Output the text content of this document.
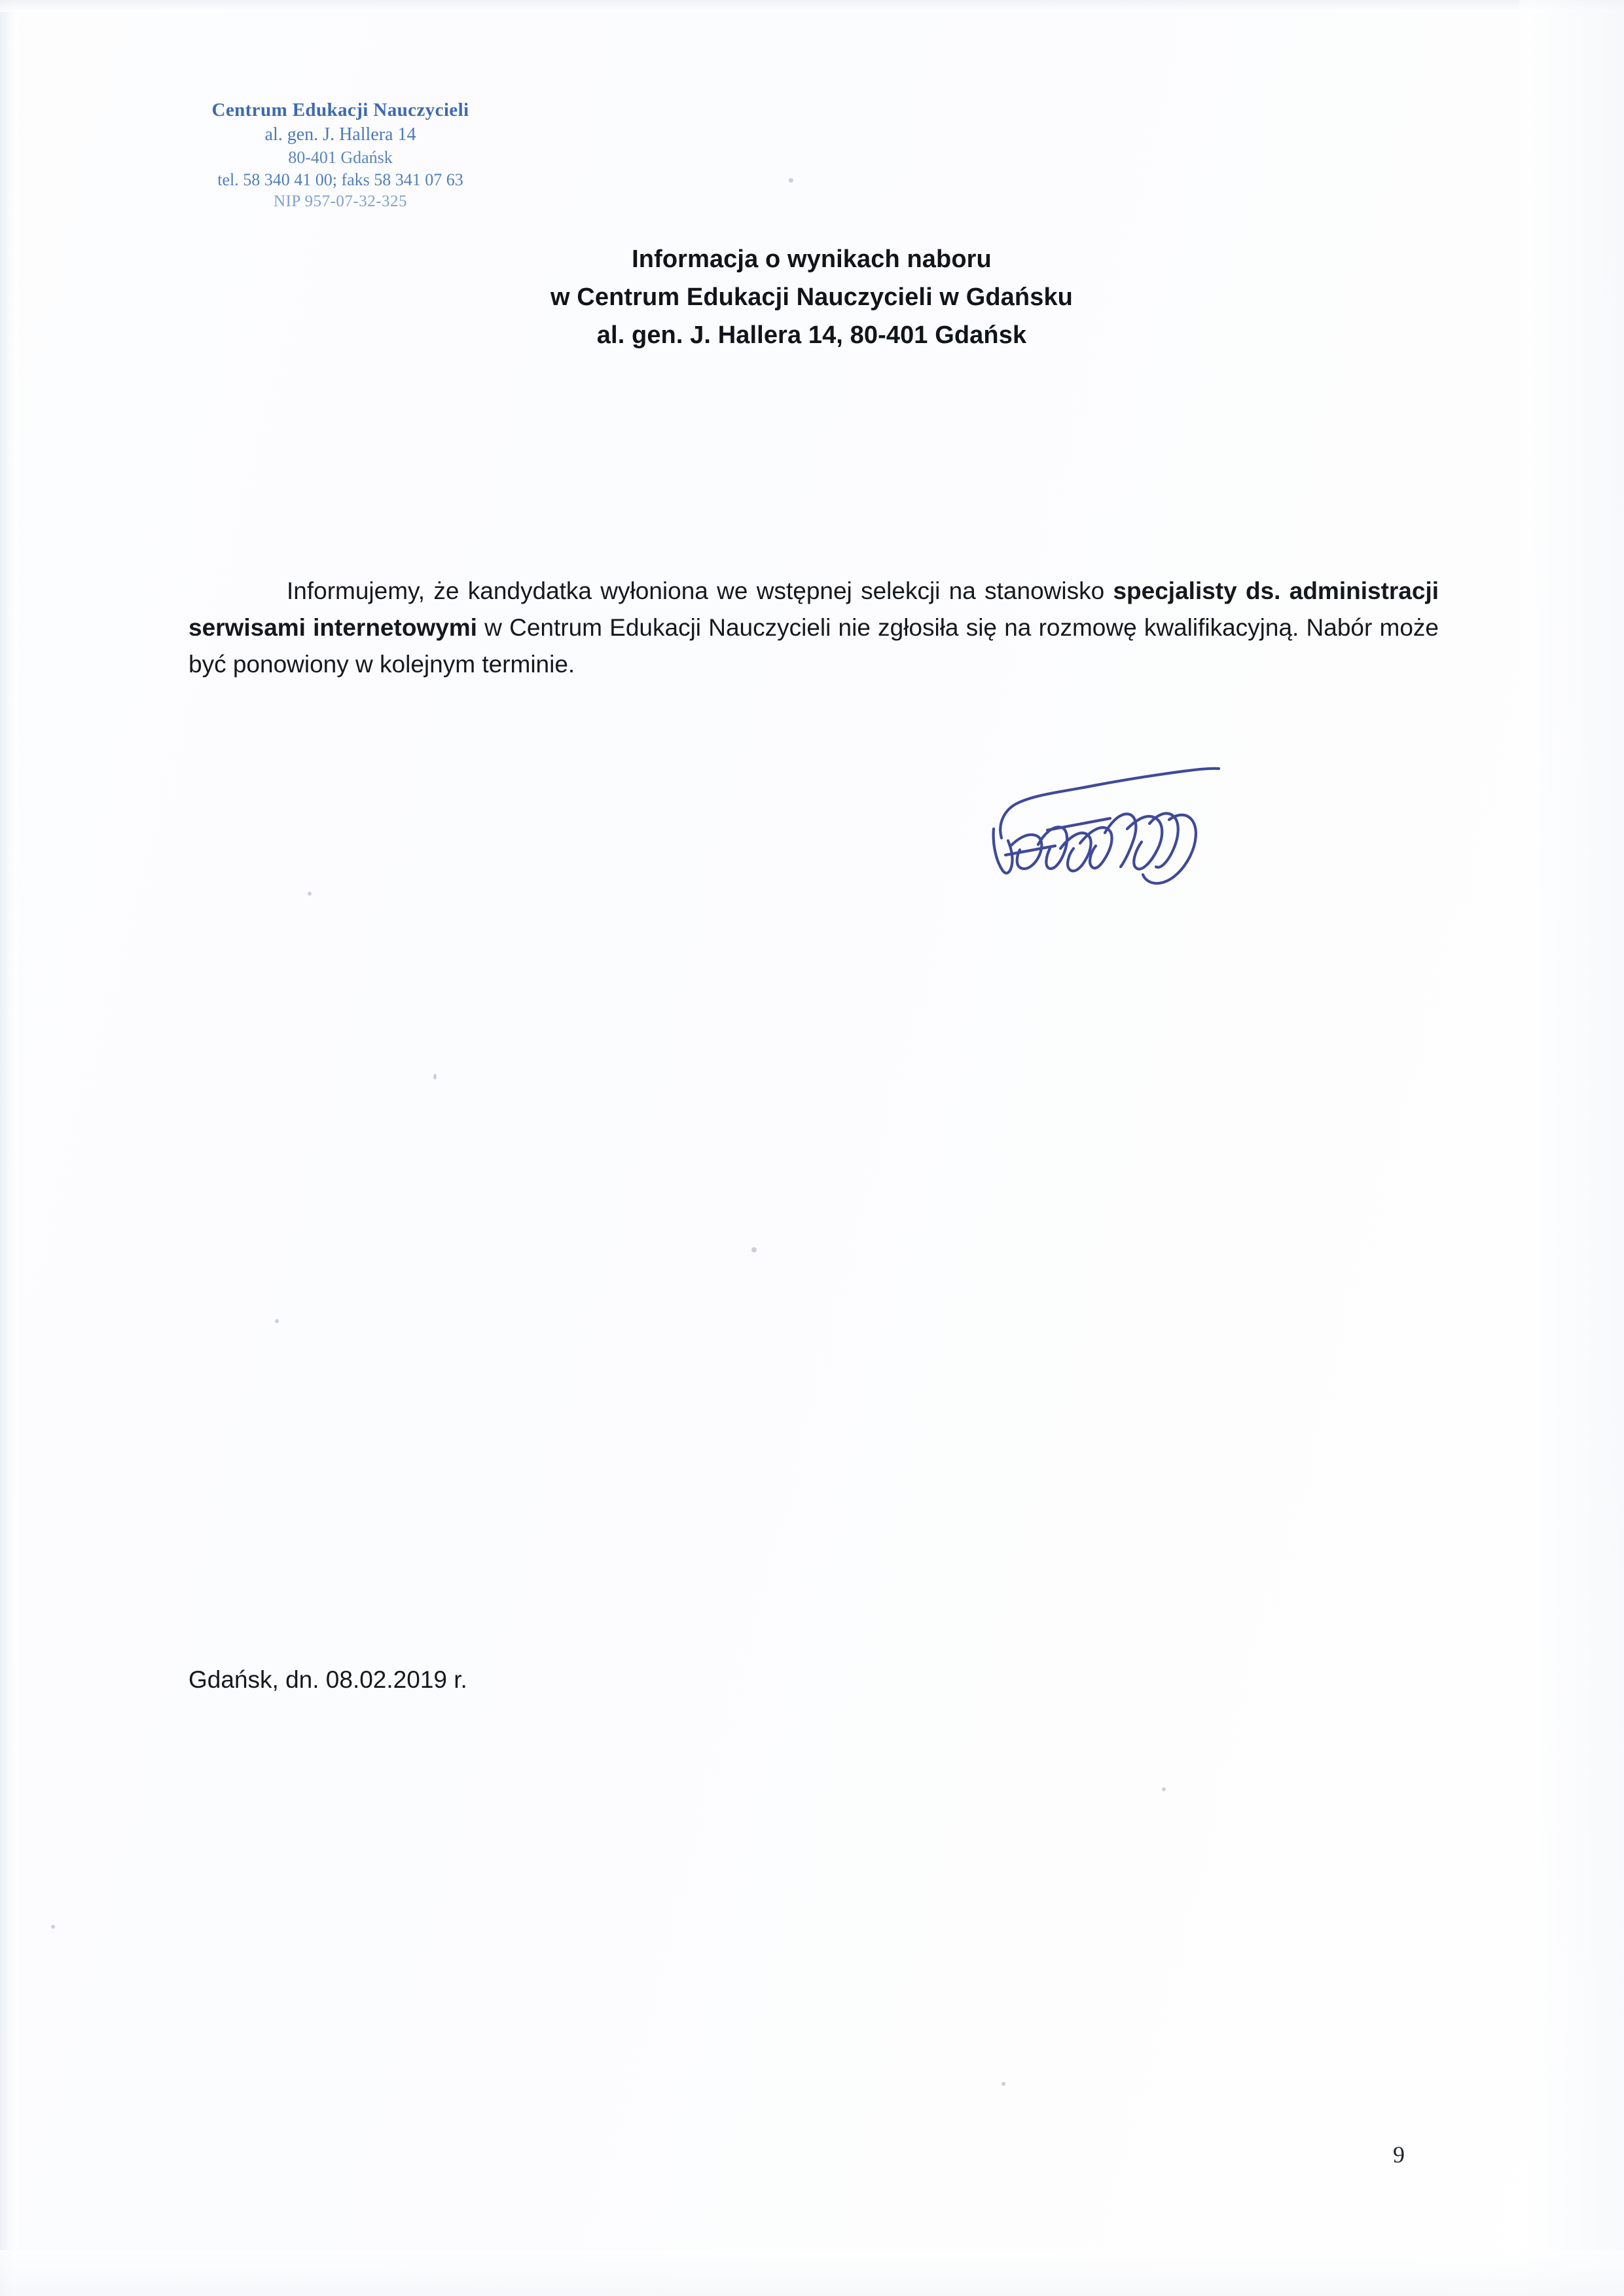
Centrum Edukacji Nauczycieli
al. gen. J. Hallera 14
80-401 Gdańsk
tel. 58 340 41 00; faks 58 341 07 63
NIP 957-07-32-325
Informacja o wynikach naboru
w Centrum Edukacji Nauczycieli w Gdańsku
al. gen. J. Hallera 14, 80-401 Gdańsk

Informujemy, że kandydatka wyłoniona we wstępnej selekcji na stanowisko specjalisty ds. administracji serwisami internetowymi w Centrum Edukacji Nauczycieli nie zgłosiła się na rozmowę kwalifikacyjną. Nabór może być ponowiony w kolejnym terminie.

Gdańsk, dn. 08.02.2019 r.
9
